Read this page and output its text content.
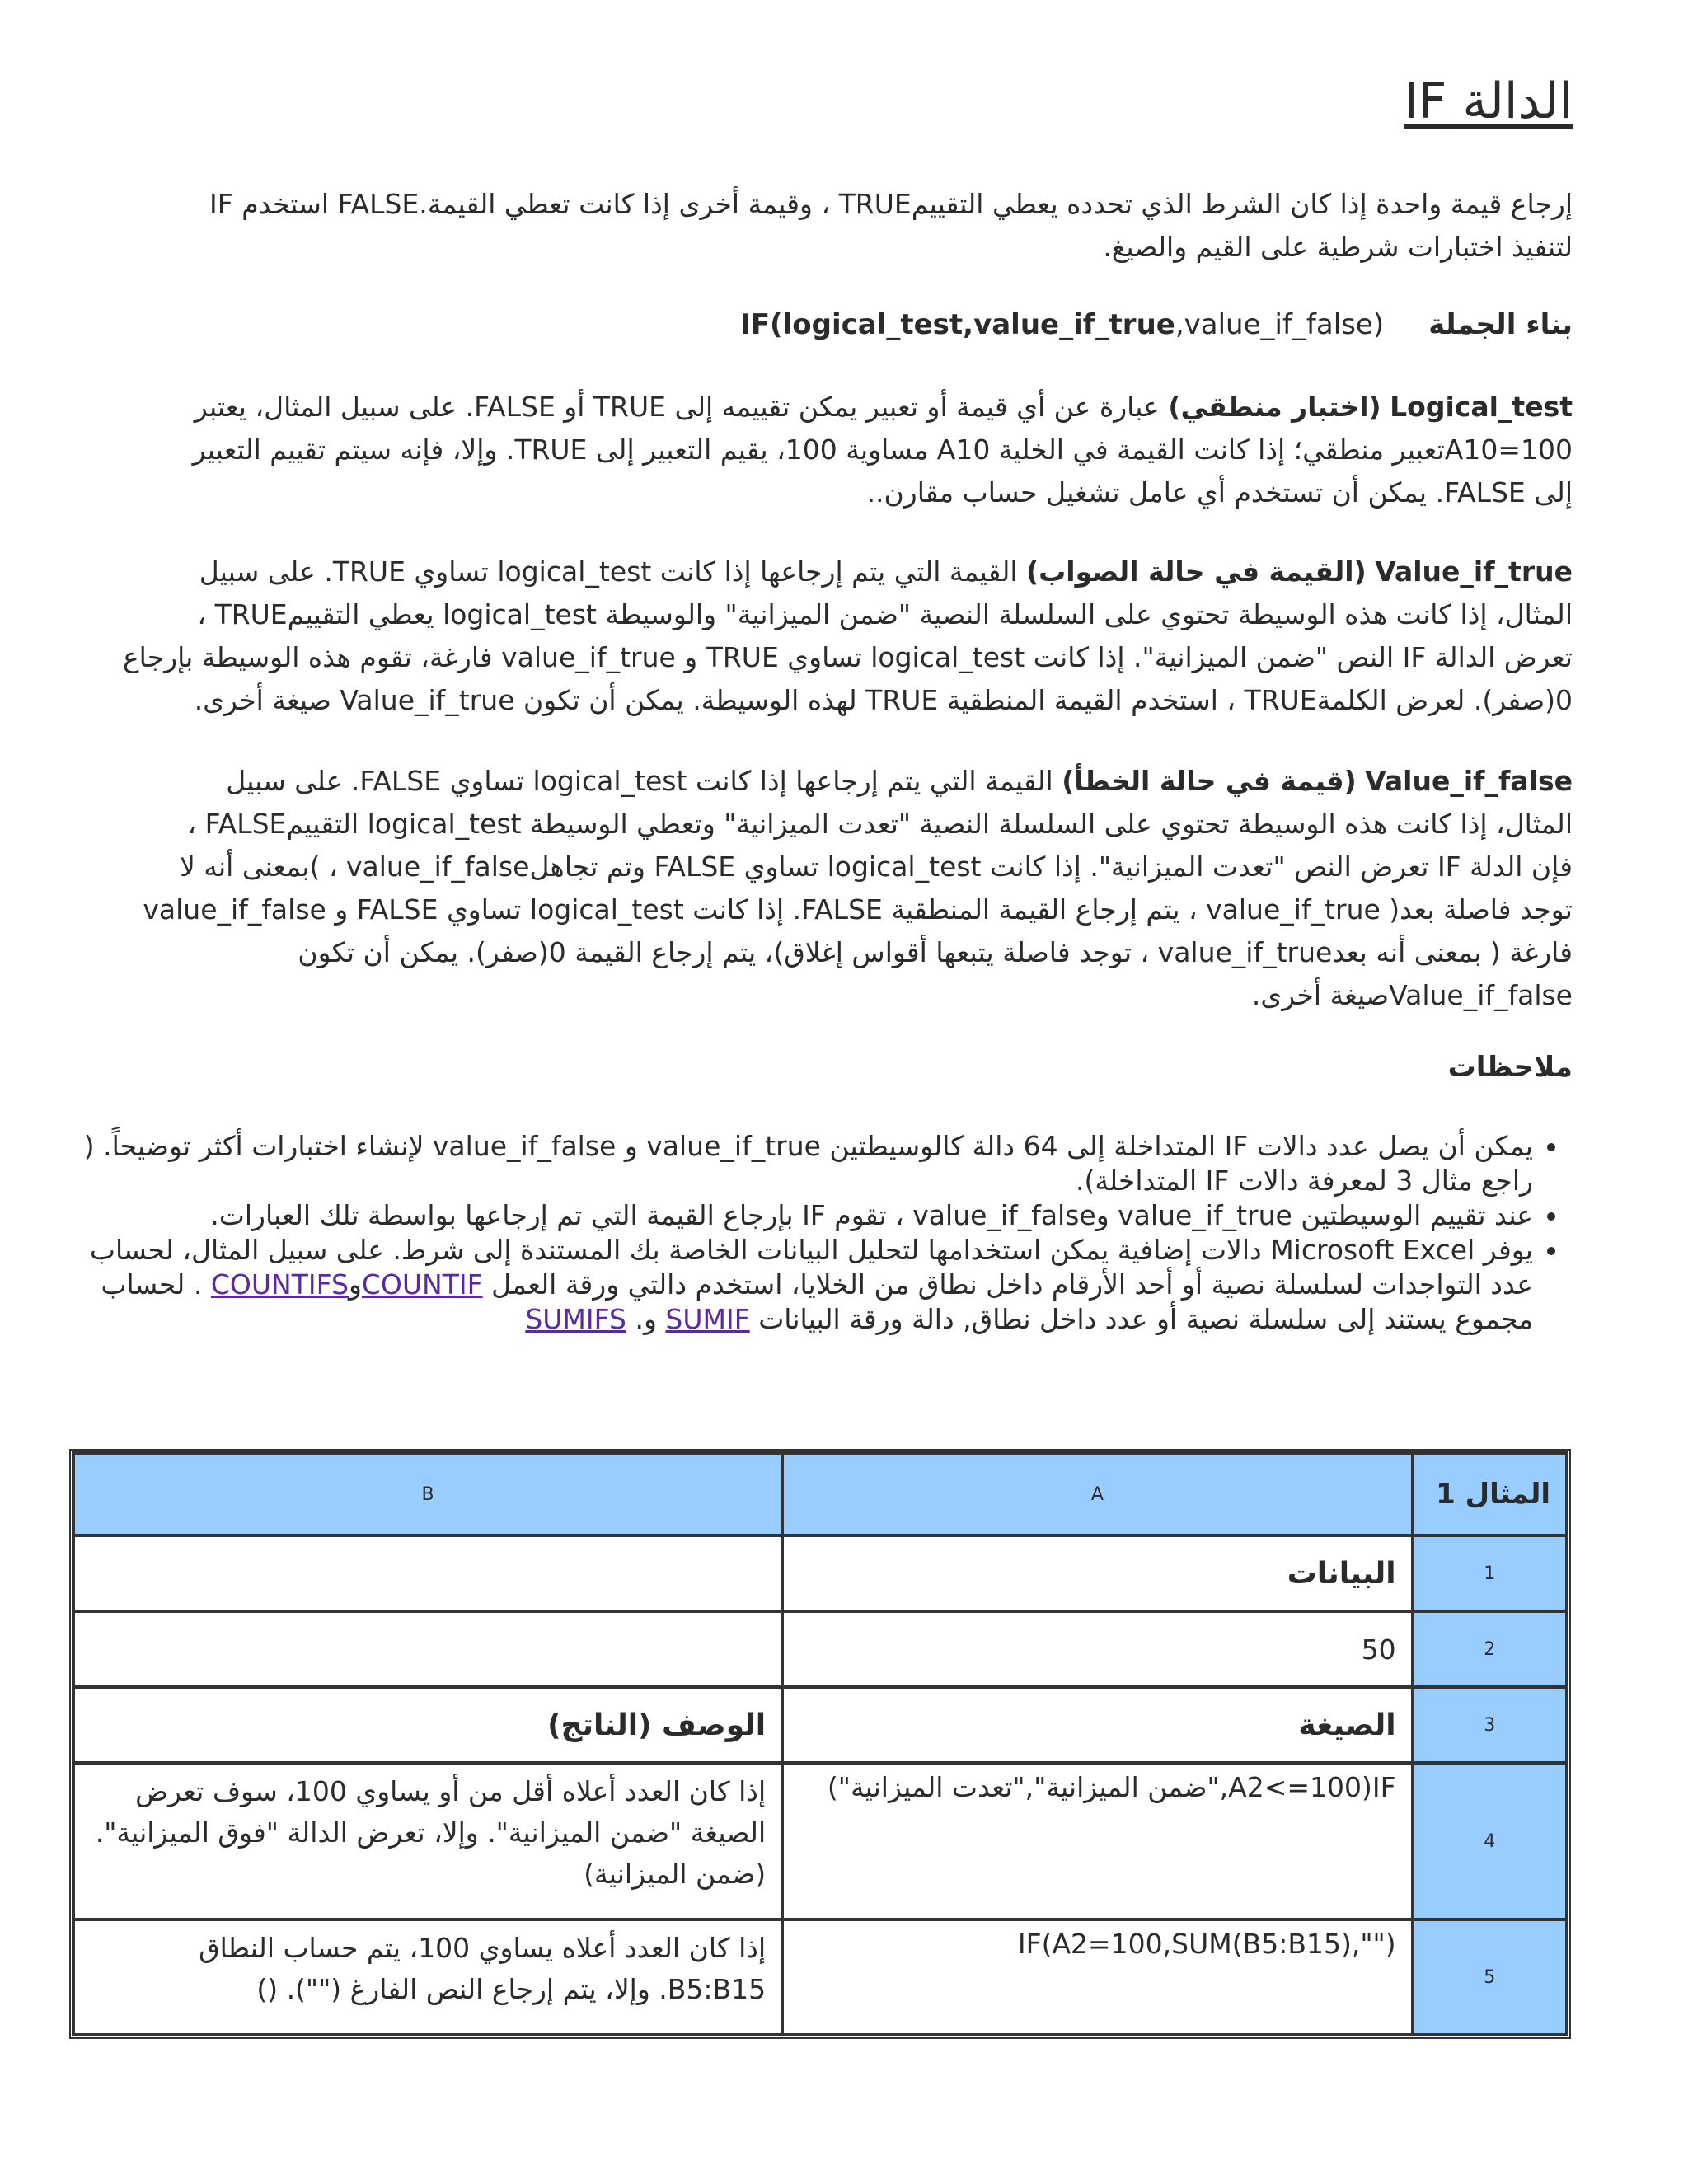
الدالة IF

إرجاع قيمة واحدة إذا كان الشرط الذي تحدده يعطي التقييمTRUE ، وقيمة أخرى إذا كانت تعطي القيمة.FALSE استخدم IF
لتنفيذ اختبارات شرطية على القيم والصيغ.

بناء الجملة     IF(logical_test,value_if_true,value_if_false)

Logical_test (اختبار منطقي) عبارة عن أي قيمة أو تعبير يمكن تقييمه إلى TRUE أو FALSE. على سبيل المثال، يعتبر
A10=100تعبير منطقي؛ إذا كانت القيمة في الخلية A10 مساوية 100، يقيم التعبير إلى TRUE. وإلا، فإنه سيتم تقييم التعبير
إلى FALSE. يمكن أن تستخدم أي عامل تشغيل حساب مقارن..

Value_if_true (القيمة في حالة الصواب) القيمة التي يتم إرجاعها إذا كانت logical_test تساوي TRUE. على سبيل
المثال، إذا كانت هذه الوسيطة تحتوي على السلسلة النصية "ضمن الميزانية" والوسيطة logical_test يعطي التقييمTRUE ،
تعرض الدالة IF النص "ضمن الميزانية". إذا كانت logical_test تساوي TRUE و value_if_true فارغة، تقوم هذه الوسيطة بإرجاع
0(صفر). لعرض الكلمةTRUE ، استخدم القيمة المنطقية TRUE لهذه الوسيطة. يمكن أن تكون Value_if_true صيغة أخرى.

Value_if_false (قيمة في حالة الخطأ) القيمة التي يتم إرجاعها إذا كانت logical_test تساوي FALSE. على سبيل
المثال، إذا كانت هذه الوسيطة تحتوي على السلسلة النصية "تعدت الميزانية" وتعطي الوسيطة logical_test التقييمFALSE ،
فإن الدلة IF تعرض النص "تعدت الميزانية". إذا كانت logical_test تساوي FALSE وتم تجاهلvalue_if_false ، )بمعنى أنه لا
توجد فاصلة بعد( value_if_true ، يتم إرجاع القيمة المنطقية FALSE. إذا كانت logical_test تساوي FALSE و value_if_false
فارغة ( بمعنى أنه بعدvalue_if_true ، توجد فاصلة يتبعها أقواس إغلاق)، يتم إرجاع القيمة 0(صفر). يمكن أن تكون
Value_if_falseصيغة أخرى.

ملاحظات
• يمكن أن يصل عدد دالات IF المتداخلة إلى 64 دالة كالوسيطتين value_if_true و value_if_false لإنشاء اختبارات أكثر توضيحاً. (
راجع مثال 3 لمعرفة دالات IF المتداخلة).
• عند تقييم الوسيطتين value_if_true وvalue_if_false ، تقوم IF بإرجاع القيمة التي تم إرجاعها بواسطة تلك العبارات.
• يوفر Microsoft Excel دالات إضافية يمكن استخدامها لتحليل البيانات الخاصة بك المستندة إلى شرط. على سبيل المثال، لحساب
عدد التواجدات لسلسلة نصية أو أحد الأرقام داخل نطاق من الخلايا، استخدم دالتي ورقة العمل COUNTIFوCOUNTIFS . لحساب
مجموع يستند إلى سلسلة نصية أو عدد داخل نطاق, دالة ورقة البيانات SUMIF و. SUMIFS
المثال 1	A	B
1	البيانات	
2	50	
3	الصيغة	الوصف (الناتج)
4	IF(A2<=100,"ضمن الميزانية","تعدت الميزانية")	إذا كان العدد أعلاه أقل من أو يساوي 100، سوف تعرض الصيغة "ضمن الميزانية". وإلا، تعرض الدالة "فوق الميزانية". (ضمن الميزانية)
5	IF(A2=100,SUM(B5:B15),"")	إذا كان العدد أعلاه يساوي 100، يتم حساب النطاق B5:B15. وإلا، يتم إرجاع النص الفارغ (""). ()
